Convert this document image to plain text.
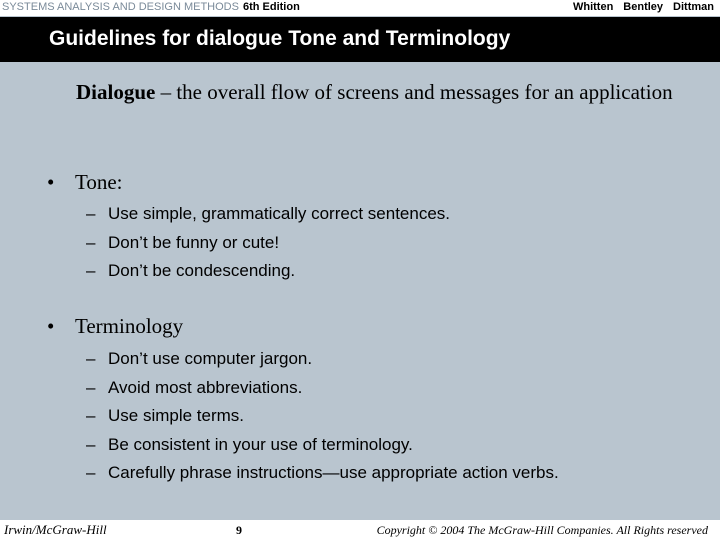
SYSTEMS ANALYSIS AND DESIGN METHODS 6th Edition	Whitten Bentley Dittman
Guidelines for dialogue Tone and Terminology
Dialogue – the overall flow of screens and messages for an application
• Tone:
– Use simple, grammatically correct sentences.
– Don’t be funny or cute!
– Don’t be condescending.
• Terminology
– Don’t use computer jargon.
– Avoid most abbreviations.
– Use simple terms.
– Be consistent in your use of terminology.
– Carefully phrase instructions—use appropriate action verbs.
Irwin/McGraw-Hill	9	Copyright © 2004 The McGraw-Hill Companies. All Rights reserved
